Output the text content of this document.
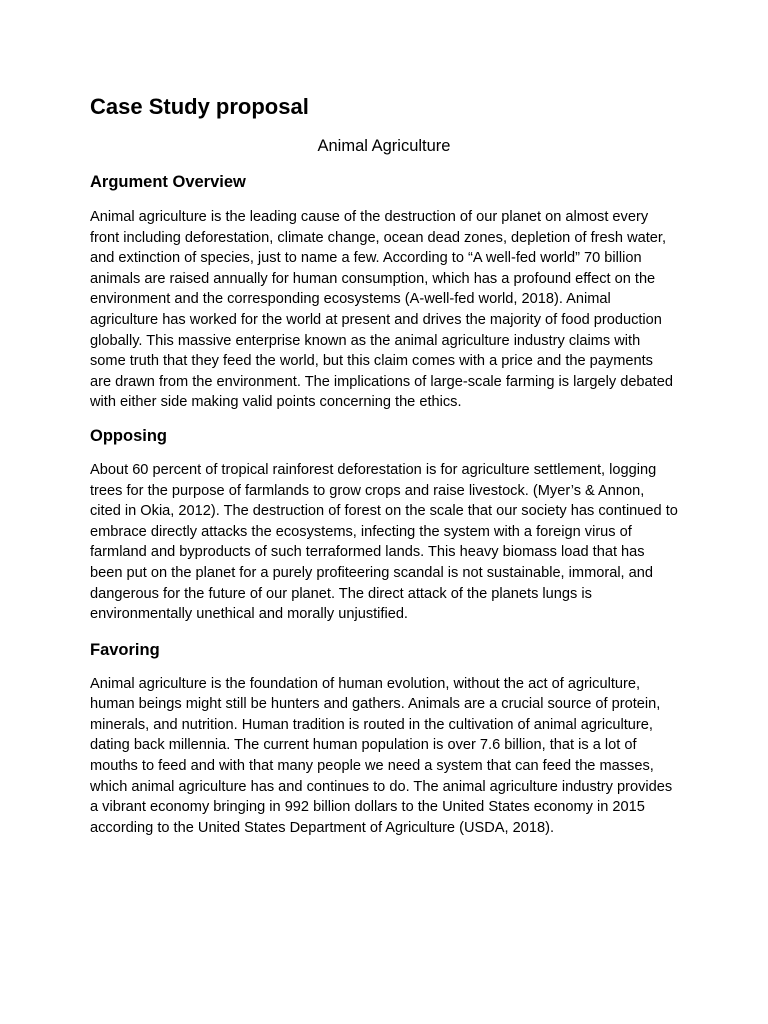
Case Study proposal
Animal Agriculture
Argument Overview

Animal agriculture is the leading cause of the destruction of our planet on almost every front including deforestation, climate change, ocean dead zones, depletion of fresh water, and extinction of species, just to name a few. According to “A well-fed world” 70 billion animals are raised annually for human consumption, which has a profound effect on the environment and the corresponding ecosystems (A-well-fed world, 2018). Animal agriculture has worked for the world at present and drives the majority of food production globally. This massive enterprise known as the animal agriculture industry claims with some truth that they feed the world, but this claim comes with a price and the payments are drawn from the environment. The implications of large-scale farming is largely debated with either side making valid points concerning the ethics.

Opposing

About 60 percent of tropical rainforest deforestation is for agriculture settlement, logging trees for the purpose of farmlands to grow crops and raise livestock. (Myer’s & Annon, cited in Okia, 2012). The destruction of forest on the scale that our society has continued to embrace directly attacks the ecosystems, infecting the system with a foreign virus of farmland and byproducts of such terraformed lands. This heavy biomass load that has been put on the planet for a purely profiteering scandal is not sustainable, immoral, and dangerous for the future of our planet. The direct attack of the planets lungs is environmentally unethical and morally unjustified.

Favoring

Animal agriculture is the foundation of human evolution, without the act of agriculture, human beings might still be hunters and gathers. Animals are a crucial source of protein, minerals, and nutrition. Human tradition is routed in the cultivation of animal agriculture, dating back millennia. The current human population is over 7.6 billion, that is a lot of mouths to feed and with that many people we need a system that can feed the masses, which animal agriculture has and continues to do. The animal agriculture industry provides a vibrant economy bringing in 992 billion dollars to the United States economy in 2015 according to the United States Department of Agriculture (USDA, 2018).
